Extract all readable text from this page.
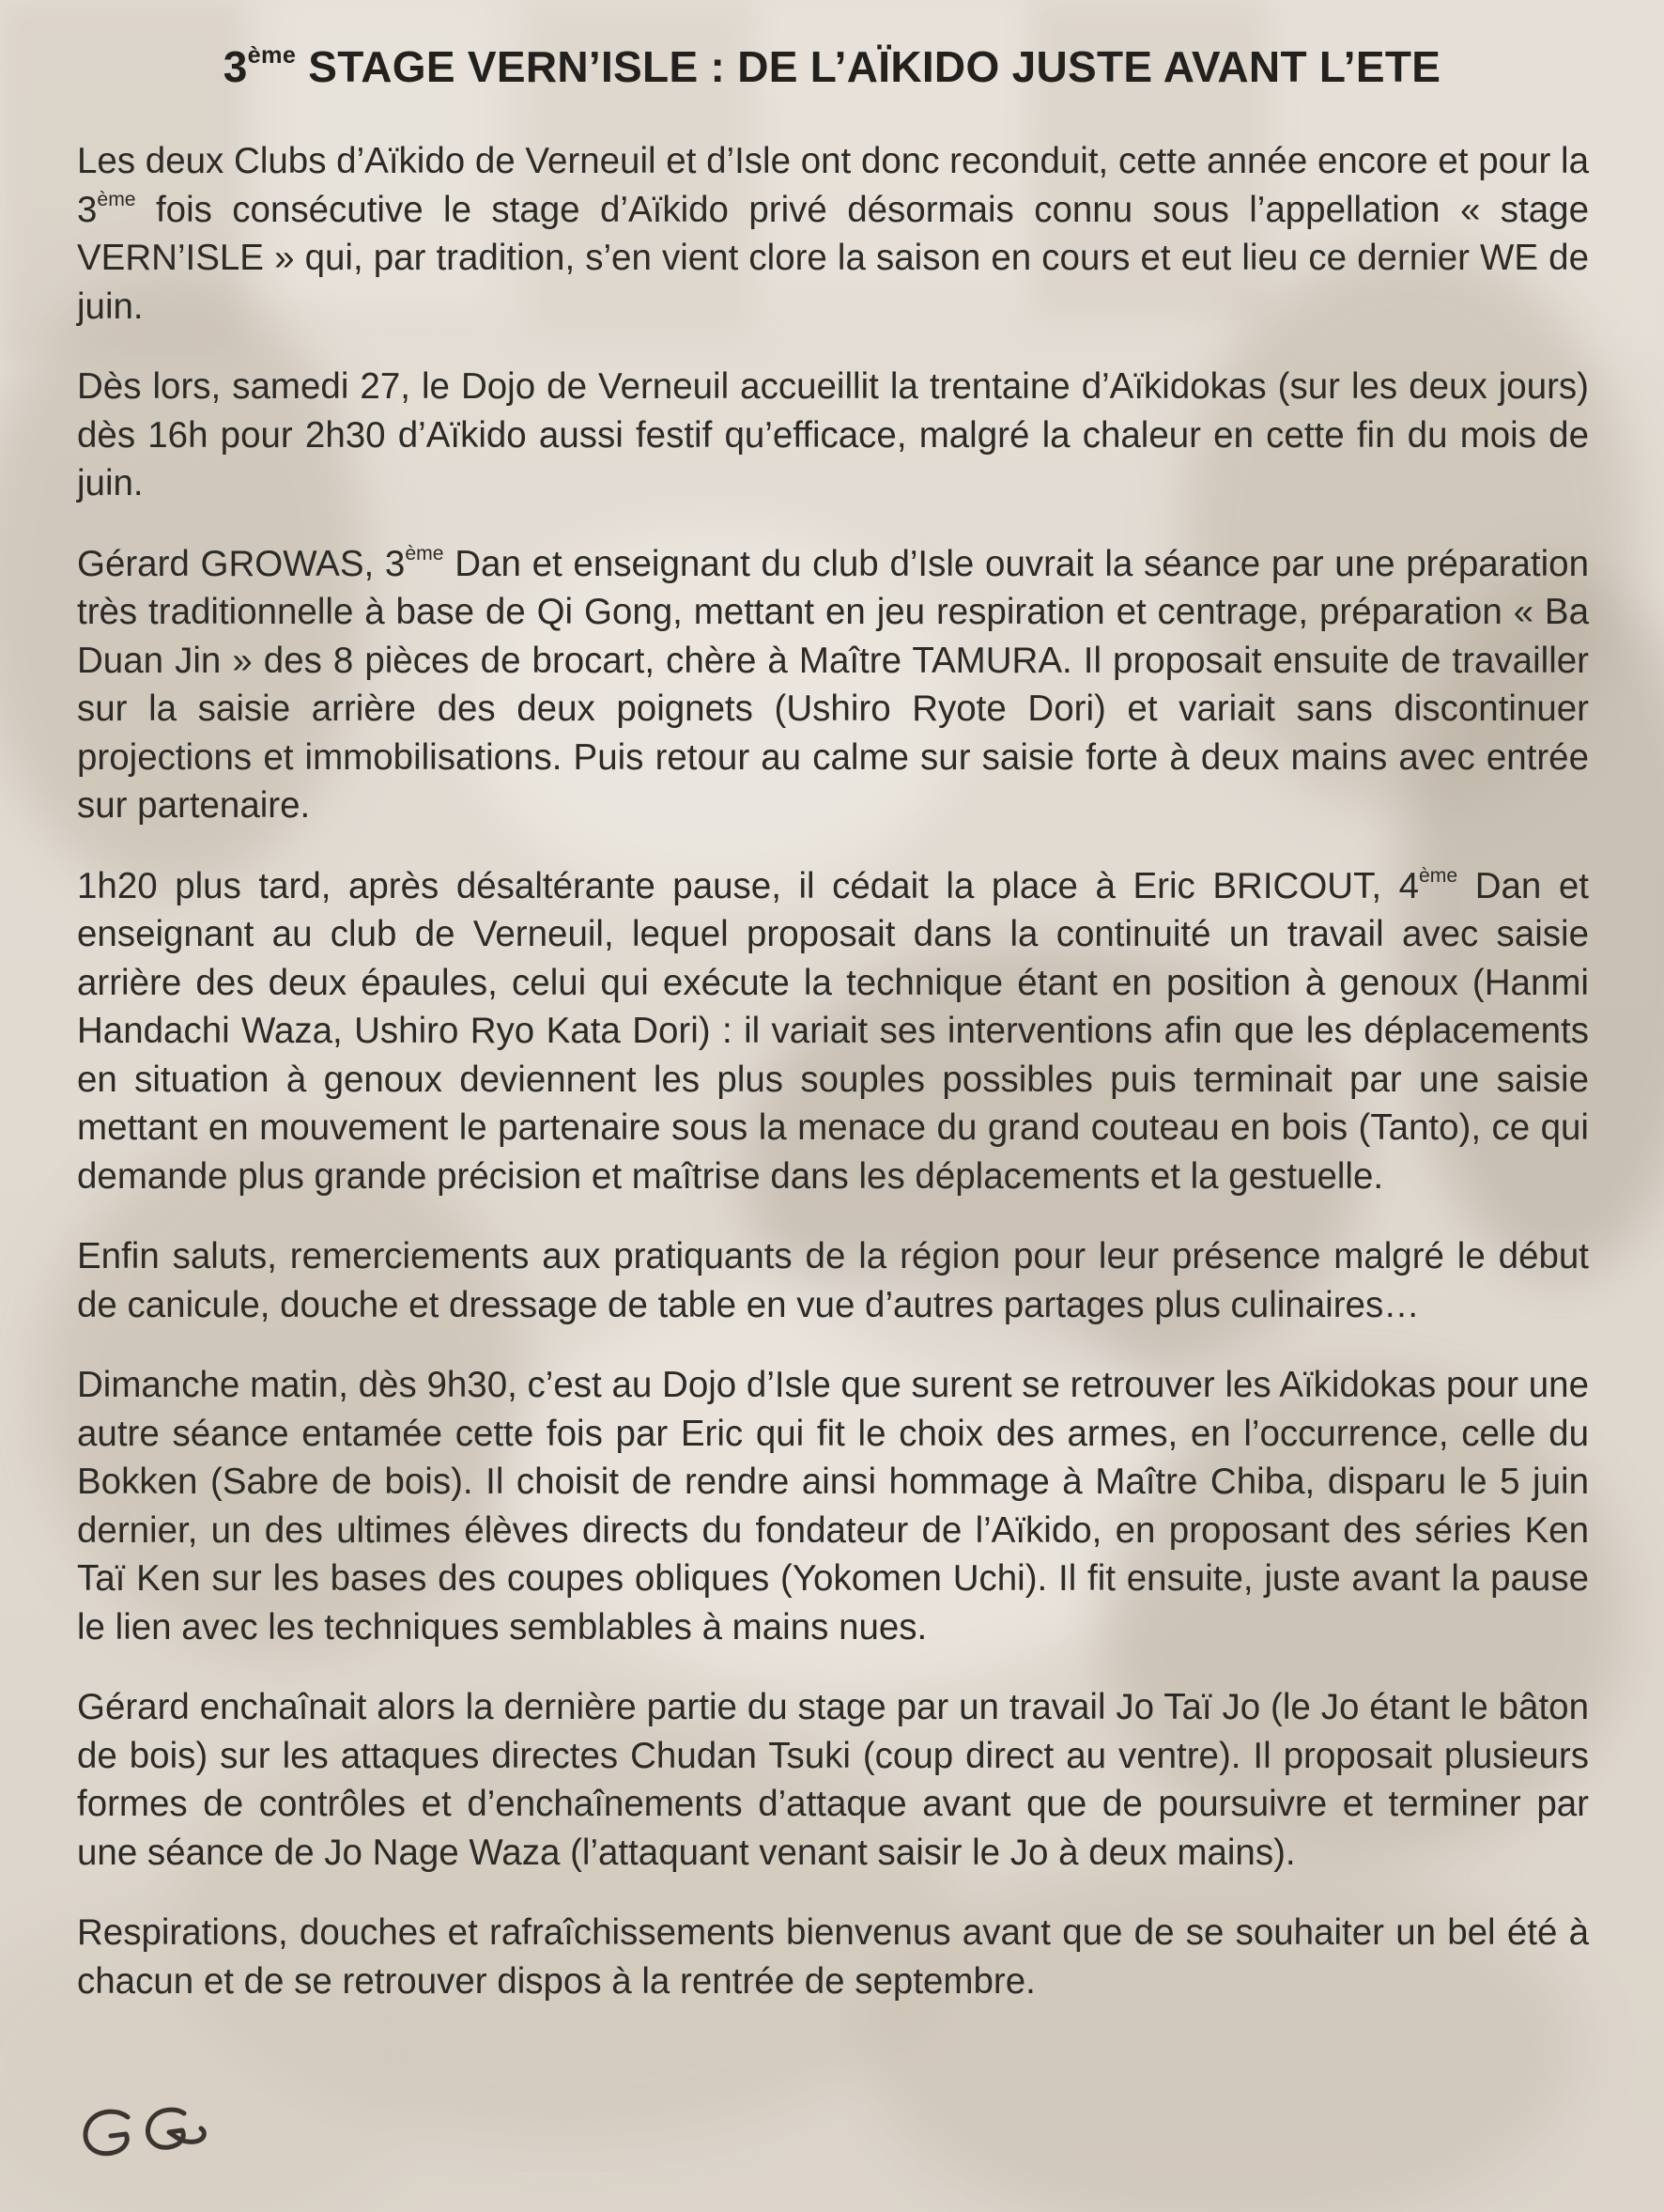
3ème STAGE VERN’ISLE : DE L’AÏKIDO JUSTE AVANT L’ETE

Les deux Clubs d’Aïkido de Verneuil et d’Isle ont donc reconduit, cette année encore et pour la 3ème fois consécutive le stage d’Aïkido privé désormais connu sous l’appellation « stage VERN’ISLE » qui, par tradition, s’en vient clore la saison en cours et eut lieu ce dernier WE de juin.

Dès lors, samedi 27, le Dojo de Verneuil accueillit la trentaine d’Aïkidokas (sur les deux jours) dès 16h pour 2h30 d’Aïkido aussi festif qu’efficace, malgré la chaleur en cette fin du mois de juin.

Gérard GROWAS, 3ème Dan et enseignant du club d’Isle ouvrait la séance par une préparation très traditionnelle à base de Qi Gong, mettant en jeu respiration et centrage, préparation « Ba Duan Jin » des 8 pièces de brocart, chère à Maître TAMURA. Il proposait ensuite de travailler sur la saisie arrière des deux poignets (Ushiro Ryote Dori) et variait sans discontinuer projections et immobilisations. Puis retour au calme sur saisie forte à deux mains avec entrée sur partenaire.

1h20 plus tard, après désaltérante pause, il cédait la place à Eric BRICOUT, 4ème Dan et enseignant au club de Verneuil, lequel proposait dans la continuité un travail avec saisie arrière des deux épaules, celui qui exécute la technique étant en position à genoux (Hanmi Handachi Waza, Ushiro Ryo Kata Dori) : il variait ses interventions afin que les déplacements en situation à genoux deviennent les plus souples possibles puis terminait par une saisie mettant en mouvement le partenaire sous la menace du grand couteau en bois (Tanto), ce qui demande plus grande précision et maîtrise dans les déplacements et la gestuelle.

Enfin saluts, remerciements aux pratiquants de la région pour leur présence malgré le début de canicule, douche et dressage de table en vue d’autres partages plus culinaires…

Dimanche matin, dès 9h30, c’est au Dojo d’Isle que surent se retrouver les Aïkidokas pour une autre séance entamée cette fois par Eric qui fit le choix des armes, en l’occurrence, celle du Bokken (Sabre de bois). Il choisit de rendre ainsi hommage à Maître Chiba, disparu le 5 juin dernier, un des ultimes élèves directs du fondateur de l’Aïkido, en proposant des séries Ken Taï Ken sur les bases des coupes obliques (Yokomen Uchi). Il fit ensuite, juste avant la pause le lien avec les techniques semblables à mains nues.

Gérard enchaînait alors la dernière partie du stage par un travail Jo Taï Jo (le Jo étant le bâton de bois) sur les attaques directes Chudan Tsuki (coup direct au ventre). Il proposait plusieurs formes de contrôles et d’enchaînements d’attaque avant que de poursuivre et terminer par une séance de Jo Nage Waza (l’attaquant venant saisir le Jo à deux mains).

Respirations, douches et rafraîchissements bienvenus avant que de se souhaiter un bel été à chacun et de se retrouver dispos à la rentrée de septembre.
